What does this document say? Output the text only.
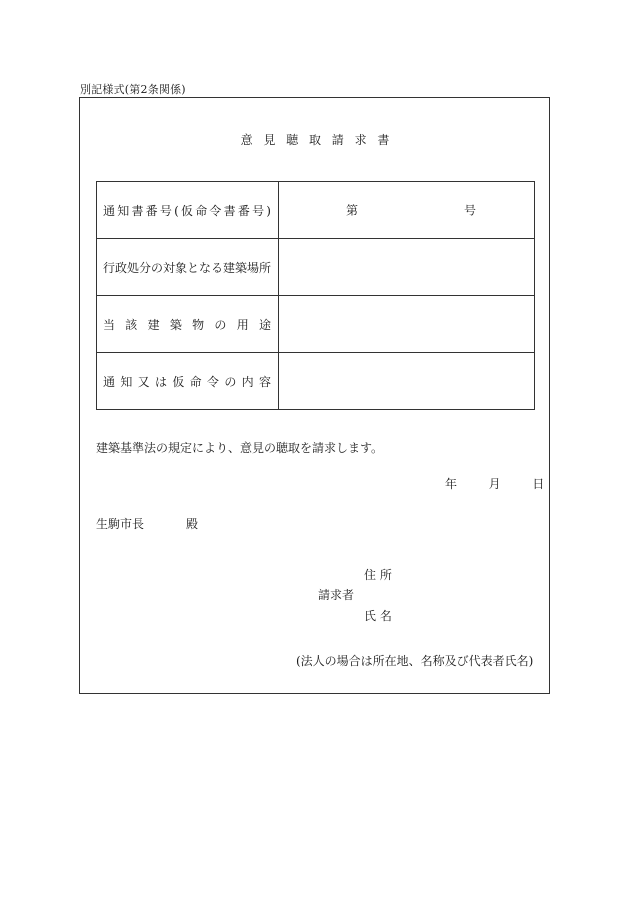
別記様式(第2条関係)
意見聴取請求書
通知書番号(仮命令書番号)	第 号

行政処分の対象となる建築場所	

当該建築物の用途	

通知又は仮命令の内容	

建築基準法の規定により、意見の聴取を請求します。
年	月	日
生駒市長	殿
住 所
請求者
氏 名
(法人の場合は所在地、名称及び代表者氏名)
